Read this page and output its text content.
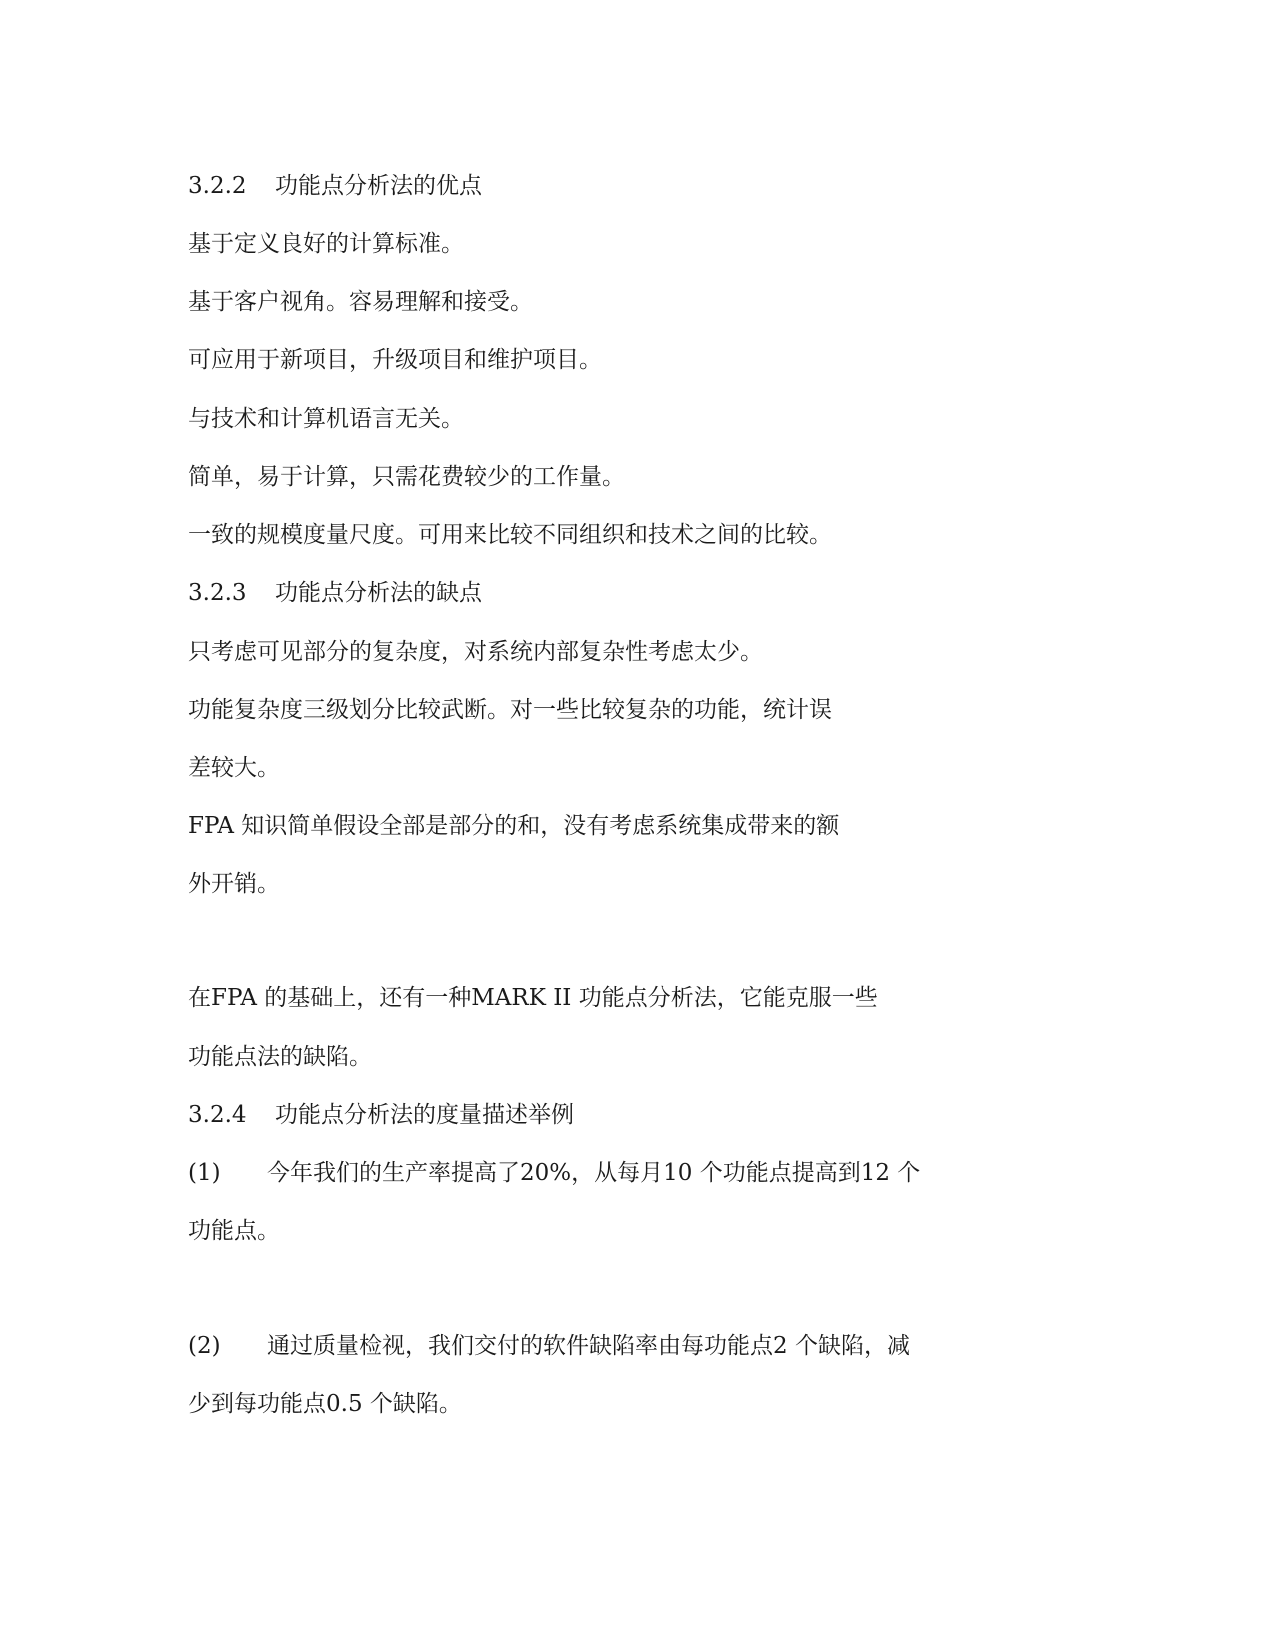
3.2.2 功能点分析法的优点
基于定义良好的计算标准。
基于客户视角。容易理解和接受。
可应用于新项目，升级项目和维护项目。
与技术和计算机语言无关。
简单，易于计算，只需花费较少的工作量。
一致的规模度量尺度。可用来比较不同组织和技术之间的比较。
3.2.3 功能点分析法的缺点
只考虑可见部分的复杂度，对系统内部复杂性考虑太少。
功能复杂度三级划分比较武断。对一些比较复杂的功能，统计误
差较大。
FPA 知识简单假设全部是部分的和，没有考虑系统集成带来的额
外开销。
在FPA 的基础上，还有一种MARK II 功能点分析法，它能克服一些
功能点法的缺陷。
3.2.4 功能点分析法的度量描述举例
(1) 今年我们的生产率提高了20%，从每月10 个功能点提高到12 个
功能点。
(2) 通过质量检视，我们交付的软件缺陷率由每功能点2 个缺陷，减
少到每功能点0.5 个缺陷。
